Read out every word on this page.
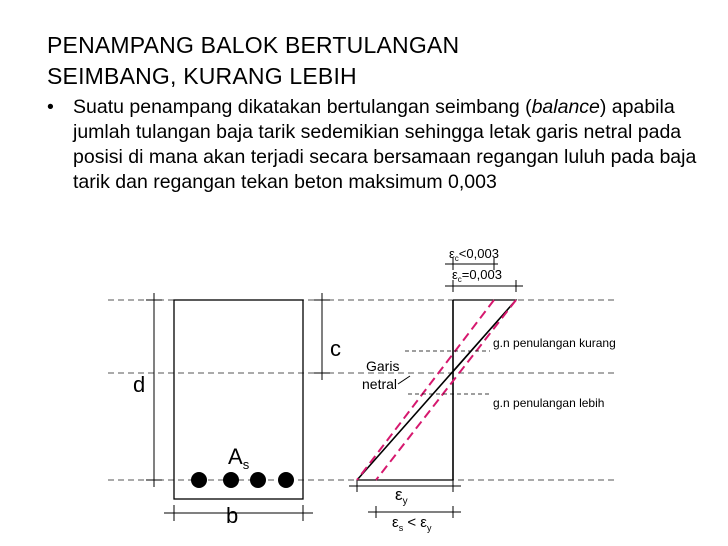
PENAMPANG BALOK BERTULANGAN
SEIMBANG, KURANG LEBIH
• Suatu penampang dikatakan bertulangan seimbang (balance) apabila jumlah tulangan baja tarik sedemikian sehingga letak garis netral pada posisi di mana akan terjadi secara bersamaan regangan luluh pada baja tarik dan regangan tekan beton maksimum 0,003
$A_s$
d
b
c
Garis
netral
$\varepsilon_c<0,003$
$\varepsilon_c=0,003$
g.n penulangan kurang
g.n penulangan lebih
$\varepsilon_y$
$\varepsilon_s < \varepsilon_y$
